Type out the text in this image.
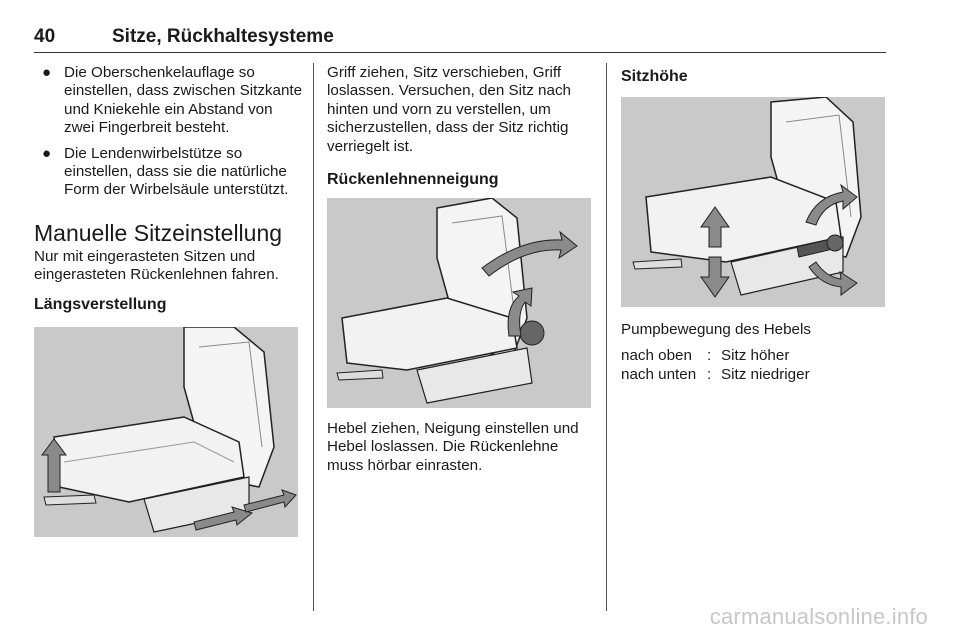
40	Sitze, Rückhaltesysteme
● Die Oberschenkelauflage so einstellen, dass zwischen Sitzkante und Kniekehle ein Abstand von zwei Fingerbreit besteht.
● Die Lendenwirbelstütze so einstellen, dass sie die natürliche Form der Wirbelsäule unterstützt.
Manuelle Sitzeinstellung

Nur mit eingerasteten Sitzen und eingerasteten Rückenlehnen fahren.

Längsverstellung

Griff ziehen, Sitz verschieben, Griff loslassen. Versuchen, den Sitz nach hinten und vorn zu verstellen, um sicherzustellen, dass der Sitz richtig verriegelt ist.

Rückenlehnenneigung

Hebel ziehen, Neigung einstellen und Hebel loslassen. Die Rückenlehne muss hörbar einrasten.

Sitzhöhe

Pumpbewegung des Hebels

nach oben : Sitz höher
nach unten : Sitz niedriger
carmanualsonline.info
